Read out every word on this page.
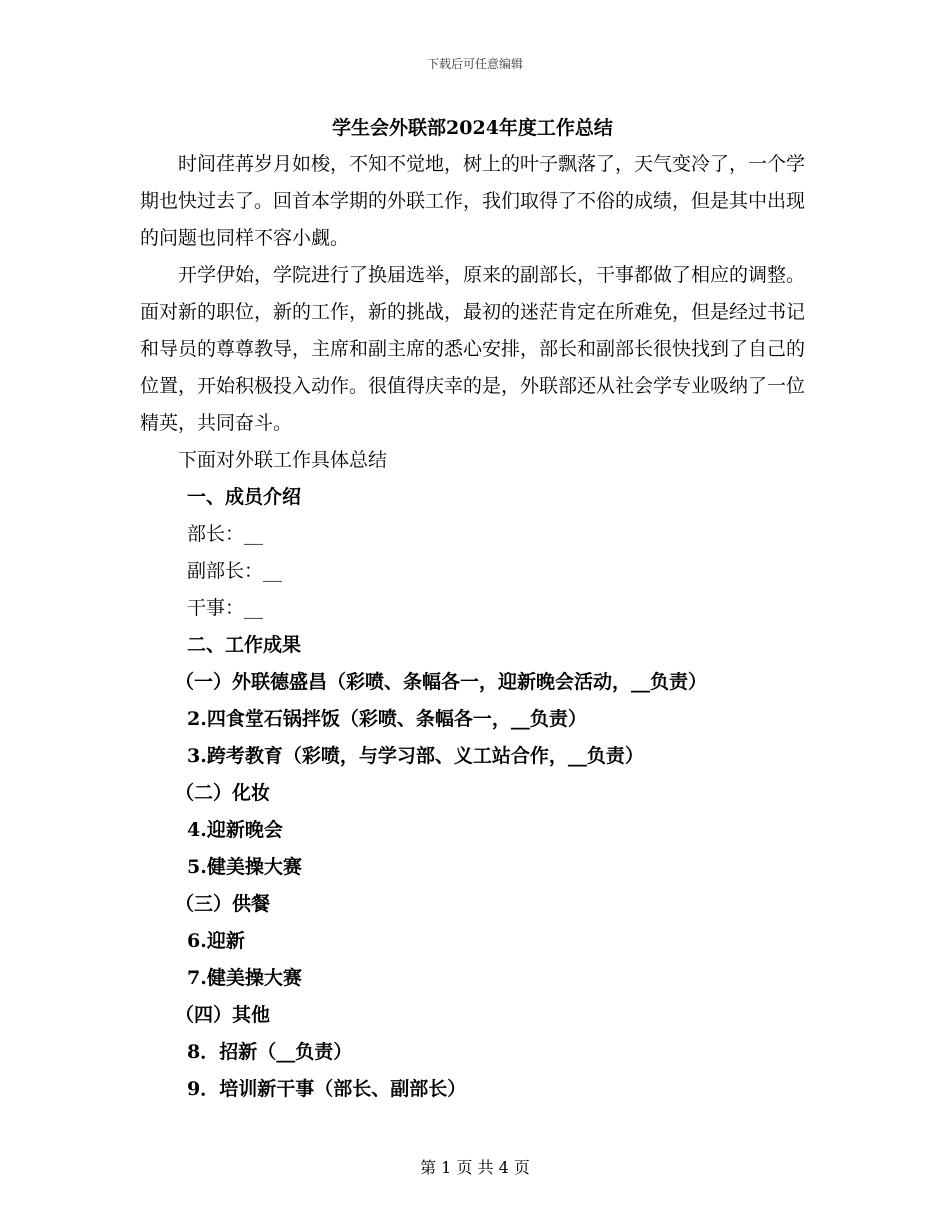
下载后可任意编辑

学生会外联部2024年度工作总结

时间荏苒岁月如梭，不知不觉地，树上的叶子飘落了，天气变冷了，一个学期也快过去了。回首本学期的外联工作，我们取得了不俗的成绩，但是其中出现的问题也同样不容小觑。

开学伊始，学院进行了换届选举，原来的副部长，干事都做了相应的调整。面对新的职位，新的工作，新的挑战，最初的迷茫肯定在所难免，但是经过书记和导员的尊尊教导，主席和副主席的悉心安排，部长和副部长很快找到了自己的位置，开始积极投入动作。很值得庆幸的是，外联部还从社会学专业吸纳了一位精英，共同奋斗。

下面对外联工作具体总结

一、成员介绍

部长：__

副部长：__

干事：__

二、工作成果

（一）外联德盛昌（彩喷、条幅各一，迎新晚会活动，__负责）

2.四食堂石锅拌饭（彩喷、条幅各一，__负责）

3.跨考教育（彩喷，与学习部、义工站合作，__负责）

（二）化妆

4.迎新晚会

5.健美操大赛

（三）供餐

6.迎新

7.健美操大赛

（四）其他

8．招新（__负责）

9．培训新干事（部长、副部长）

第 1 页 共 4 页
